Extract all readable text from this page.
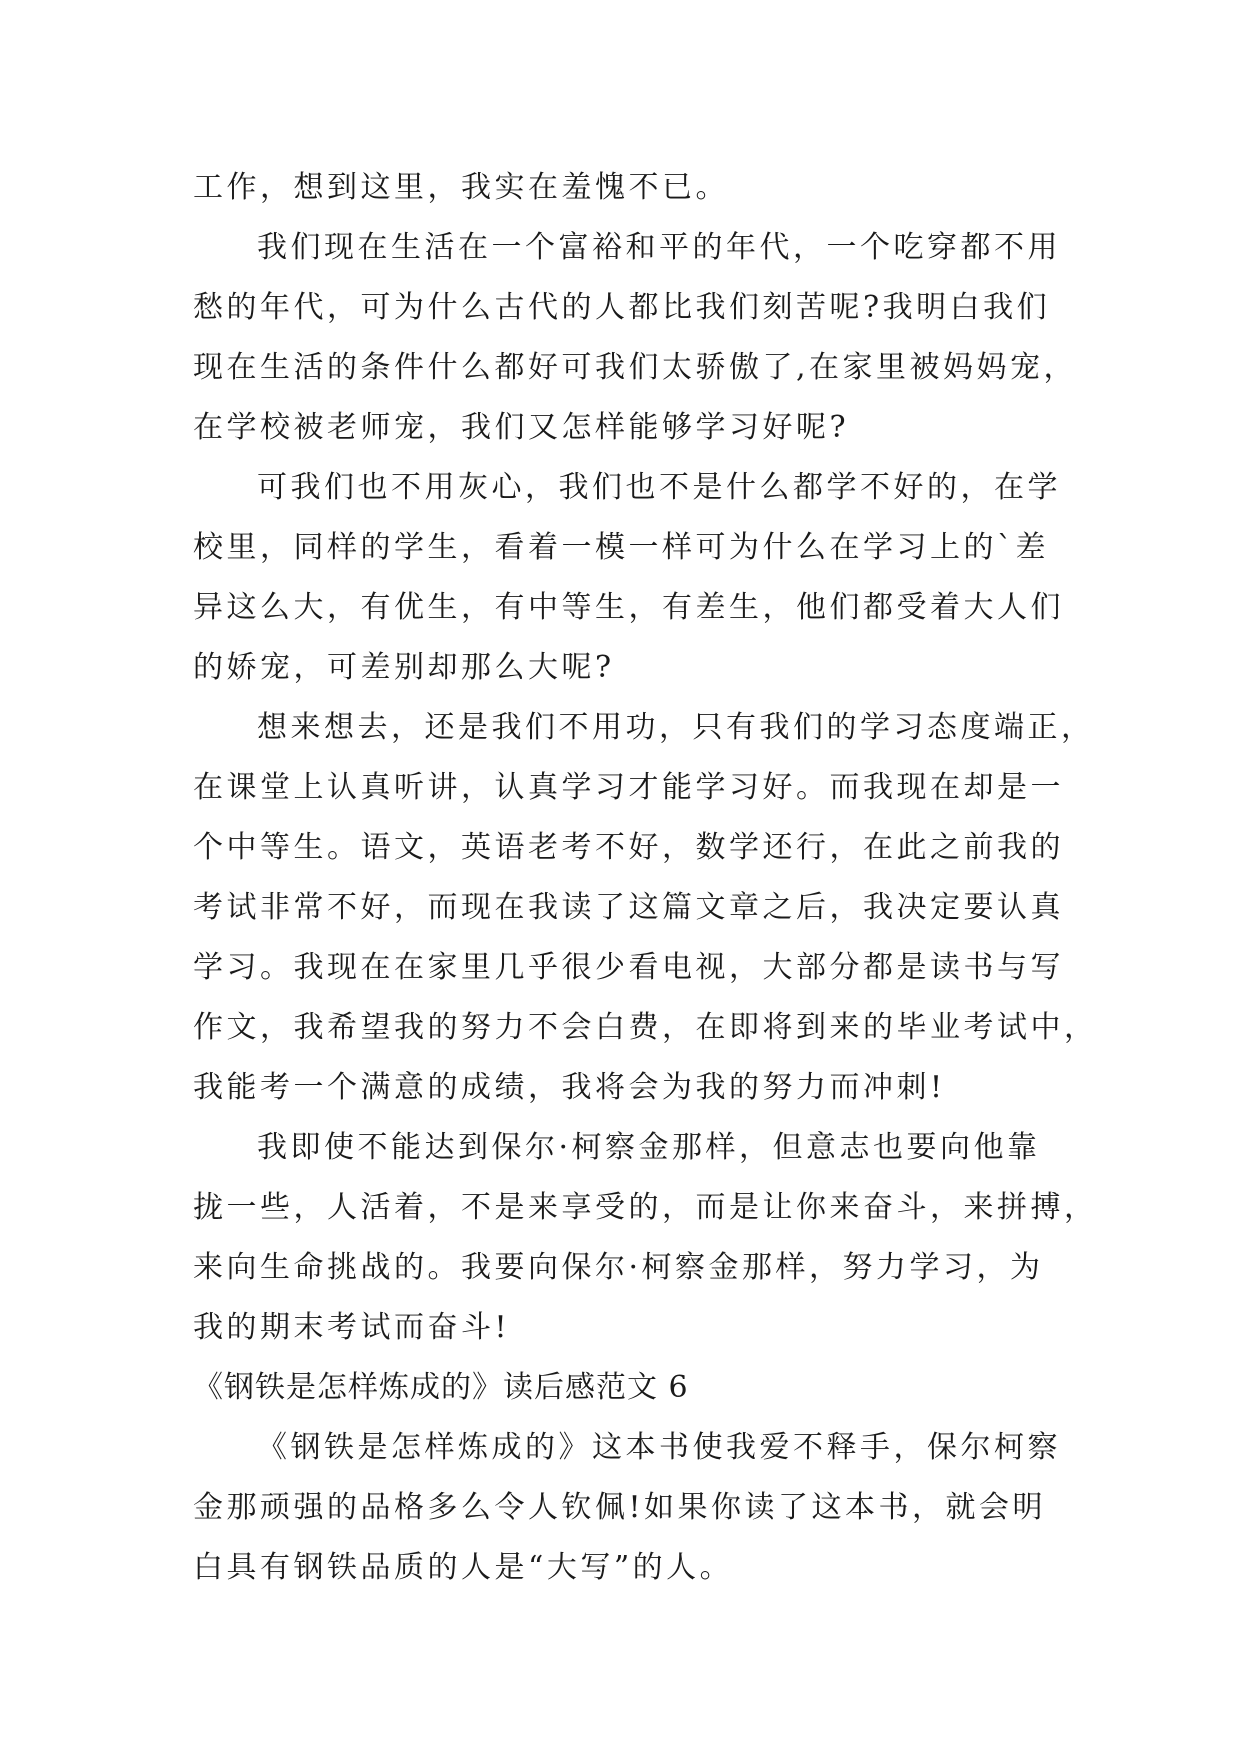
工作，想到这里，我实在羞愧不已。
我们现在生活在一个富裕和平的年代，一个吃穿都不用
愁的年代，可为什么古代的人都比我们刻苦呢?我明白我们
现在生活的条件什么都好可我们太骄傲了,在家里被妈妈宠，
在学校被老师宠，我们又怎样能够学习好呢?
可我们也不用灰心，我们也不是什么都学不好的，在学
校里，同样的学生，看着一模一样可为什么在学习上的`差
异这么大，有优生，有中等生，有差生，他们都受着大人们
的娇宠，可差别却那么大呢?
想来想去，还是我们不用功，只有我们的学习态度端正，
在课堂上认真听讲，认真学习才能学习好。而我现在却是一
个中等生。语文，英语老考不好，数学还行，在此之前我的
考试非常不好，而现在我读了这篇文章之后，我决定要认真
学习。我现在在家里几乎很少看电视，大部分都是读书与写
作文，我希望我的努力不会白费，在即将到来的毕业考试中，
我能考一个满意的成绩，我将会为我的努力而冲刺!
我即使不能达到保尔·柯察金那样，但意志也要向他靠
拢一些，人活着，不是来享受的，而是让你来奋斗，来拼搏，
来向生命挑战的。我要向保尔·柯察金那样，努力学习，为
我的期末考试而奋斗!
《钢铁是怎样炼成的》读后感范文 6
《钢铁是怎样炼成的》这本书使我爱不释手，保尔柯察
金那顽强的品格多么令人钦佩!如果你读了这本书，就会明
白具有钢铁品质的人是“大写”的人。
